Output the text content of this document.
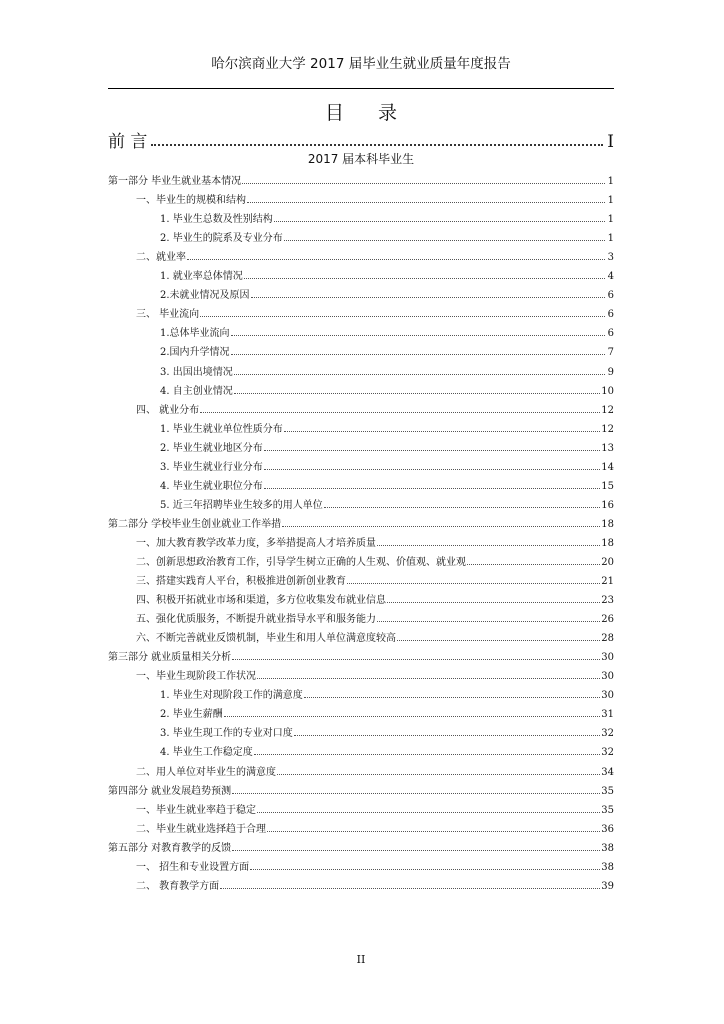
哈尔滨商业大学 2017 届毕业生就业质量年度报告
目 录
前 言	I
2017 届本科毕业生
第一部分 毕业生就业基本情况	1
一、毕业生的规模和结构	1
1. 毕业生总数及性别结构	1
2. 毕业生的院系及专业分布	1
二、就业率	3
1. 就业率总体情况	4
2.未就业情况及原因	6
三、 毕业流向	6
1.总体毕业流向	6
2.国内升学情况	7
3. 出国出境情况	9
4. 自主创业情况	10
四、 就业分布	12
1. 毕业生就业单位性质分布	12
2. 毕业生就业地区分布	13
3. 毕业生就业行业分布	14
4. 毕业生就业职位分布	15
5. 近三年招聘毕业生较多的用人单位	16
第二部分 学校毕业生创业就业工作举措	18
一、加大教育教学改革力度，多举措提高人才培养质量	18
二、创新思想政治教育工作，引导学生树立正确的人生观、价值观、就业观	20
三、搭建实践育人平台，积极推进创新创业教育	21
四、积极开拓就业市场和渠道，多方位收集发布就业信息	23
五、强化优质服务，不断提升就业指导水平和服务能力	26
六、不断完善就业反馈机制，毕业生和用人单位满意度较高	28
第三部分 就业质量相关分析	30
一、毕业生现阶段工作状况	30
1. 毕业生对现阶段工作的满意度	30
2. 毕业生薪酬	31
3. 毕业生现工作的专业对口度	32
4. 毕业生工作稳定度	32
二、用人单位对毕业生的满意度	34
第四部分 就业发展趋势预测	35
一、毕业生就业率趋于稳定	35
二、毕业生就业选择趋于合理	36
第五部分 对教育教学的反馈	38
一、 招生和专业设置方面	38
二、 教育教学方面	39
II
